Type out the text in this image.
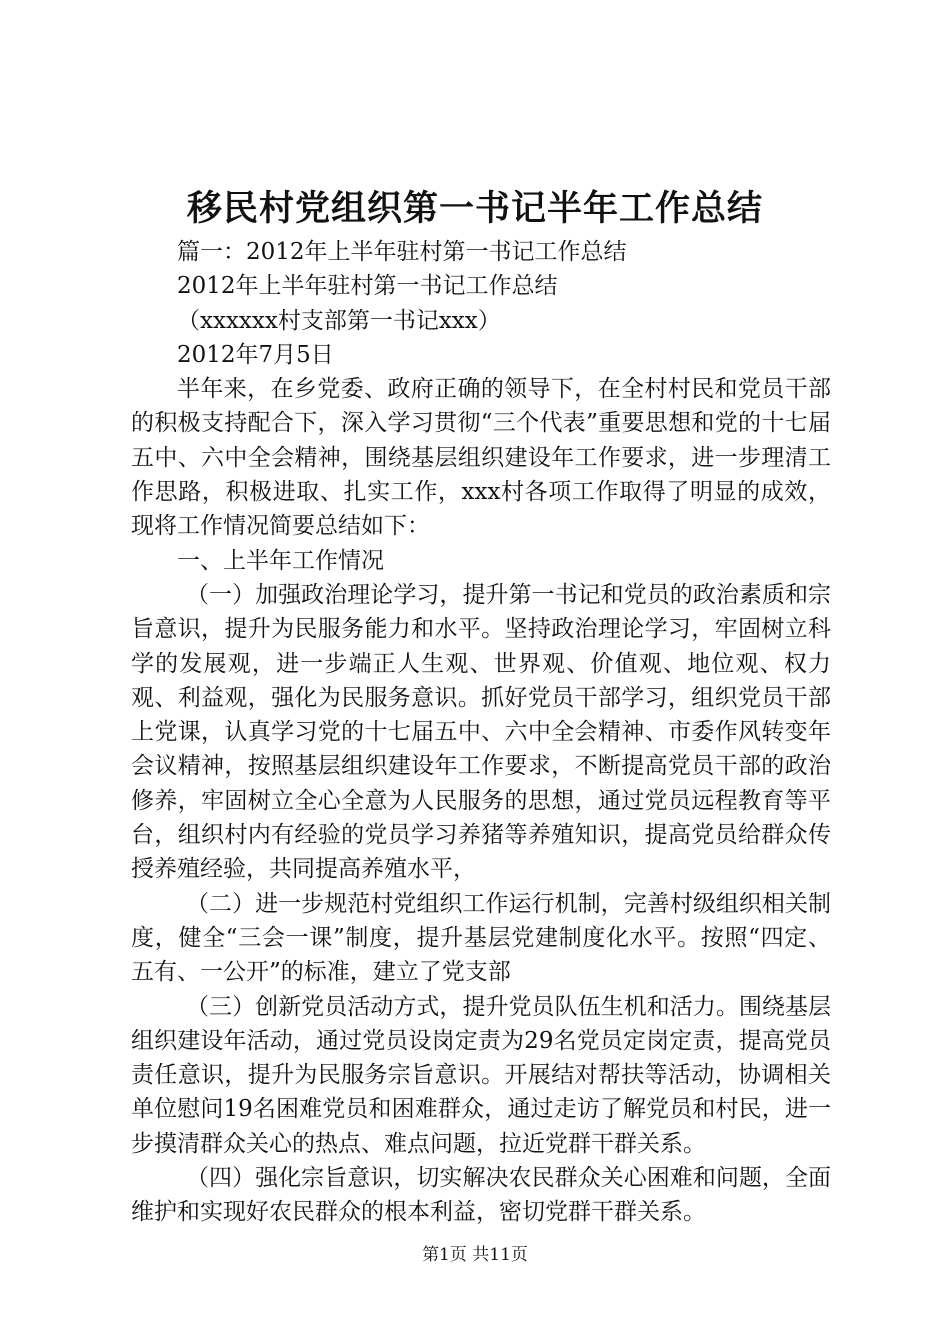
移民村党组织第一书记半年工作总结

篇一：2012年上半年驻村第一书记工作总结

2012年上半年驻村第一书记工作总结

（xxxxxx村支部第一书记xxx）

2012年7月5日

半年来，在乡党委、政府正确的领导下，在全村村民和党员干部的积极支持配合下，深入学习贯彻“三个代表”重要思想和党的十七届五中、六中全会精神，围绕基层组织建设年工作要求，进一步理清工作思路，积极进取、扎实工作，xxx村各项工作取得了明显的成效，现将工作情况简要总结如下：

一、上半年工作情况

（一）加强政治理论学习，提升第一书记和党员的政治素质和宗旨意识，提升为民服务能力和水平。坚持政治理论学习，牢固树立科学的发展观，进一步端正人生观、世界观、价值观、地位观、权力观、利益观，强化为民服务意识。抓好党员干部学习，组织党员干部上党课，认真学习党的十七届五中、六中全会精神、市委作风转变年会议精神，按照基层组织建设年工作要求，不断提高党员干部的政治修养，牢固树立全心全意为人民服务的思想，通过党员远程教育等平台，组织村内有经验的党员学习养猪等养殖知识，提高党员给群众传授养殖经验，共同提高养殖水平，

（二）进一步规范村党组织工作运行机制，完善村级组织相关制度，健全“三会一课”制度，提升基层党建制度化水平。按照“四定、五有、一公开”的标准，建立了党支部

（三）创新党员活动方式，提升党员队伍生机和活力。围绕基层组织建设年活动，通过党员设岗定责为29名党员定岗定责，提高党员责任意识，提升为民服务宗旨意识。开展结对帮扶等活动，协调相关单位慰问19名困难党员和困难群众，通过走访了解党员和村民，进一步摸清群众关心的热点、难点问题，拉近党群干群关系。

（四）强化宗旨意识，切实解决农民群众关心困难和问题，全面维护和实现好农民群众的根本利益，密切党群干群关系。

第1页 共11页
